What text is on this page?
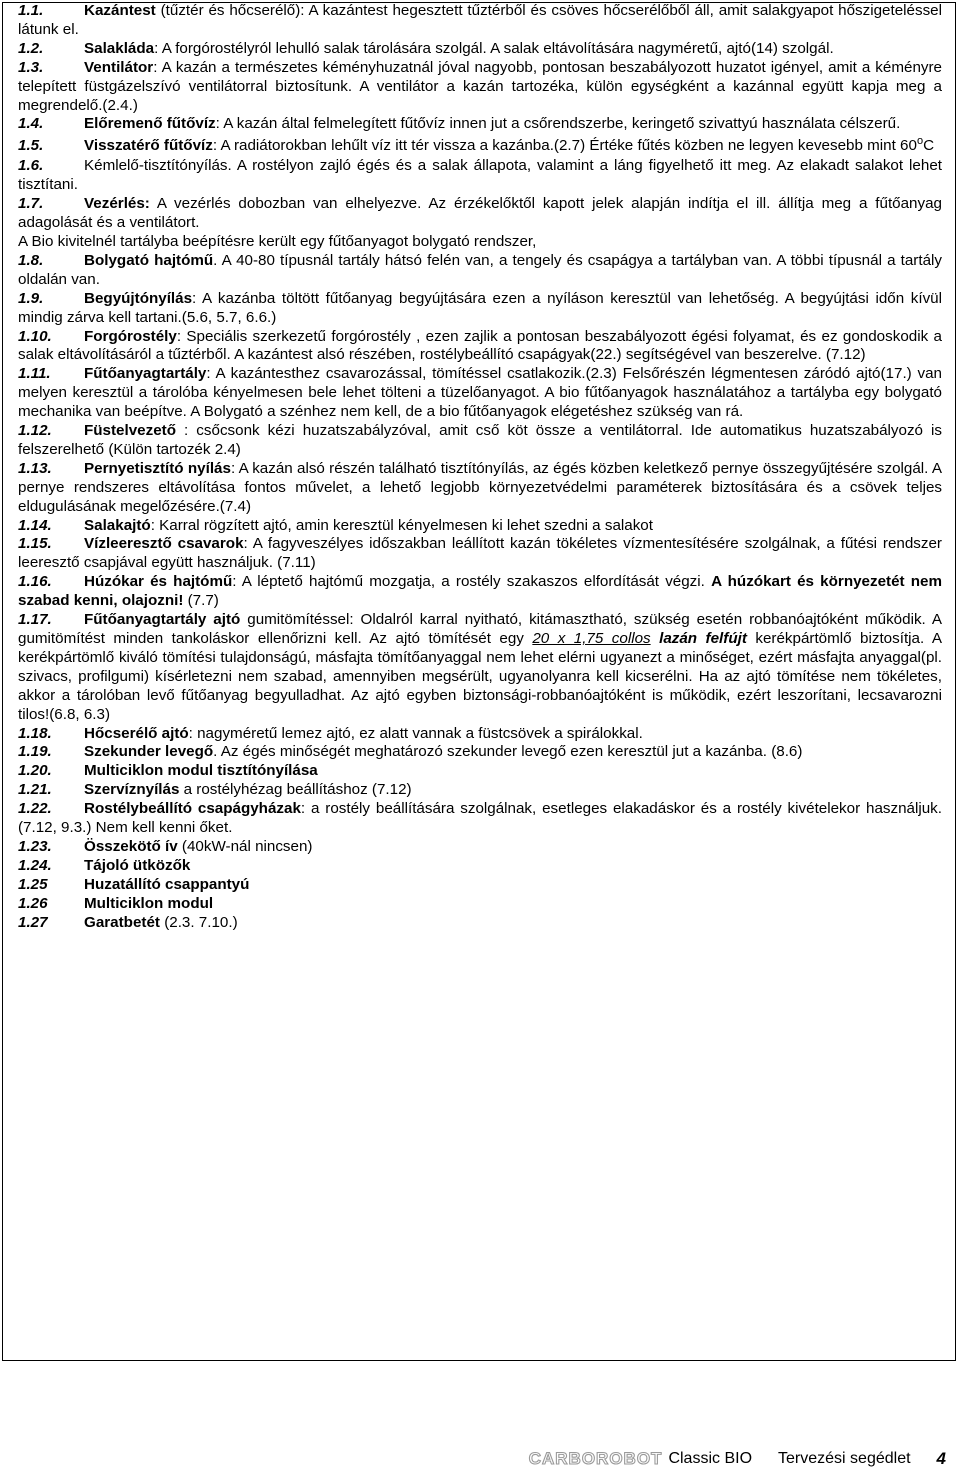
1.1.	Kazántest (tűztér és hőcserélő): A kazántest hegesztett tűztérből és csöves hőcserélőből áll, amit salakgyapot hőszigeteléssel látunk el.
1.2.	Salakláda: A forgórostélyról lehulló salak tárolására szolgál. A salak eltávolítására nagyméretű, ajtó(14) szolgál.
1.3.	Ventilátor: A kazán a természetes kéményhuzatnál jóval nagyobb, pontosan beszabályozott huzatot igényel, amit a kéményre telepített füstgázelszívó ventilátorral biztosítunk. A ventilátor a kazán tartozéka, külön egységként a kazánnal együtt kapja meg a megrendelő.(2.4.)
1.4.	Előremenő fűtővíz: A kazán által felmelegített fűtővíz innen jut a csőrendszerbe, keringető szivattyú használata célszerű.
1.5.	Visszatérő fűtővíz: A radiátorokban lehűlt víz itt tér vissza a kazánba.(2.7) Értéke fűtés közben ne legyen kevesebb mint 60$^o$C
1.6.	Kémlelő-tisztítónyílás. A rostélyon zajló égés és a salak állapota, valamint a láng figyelhető itt meg. Az elakadt salakot lehet tisztítani.
1.7.	Vezérlés: A vezérlés dobozban van elhelyezve. Az érzékelőktől kapott jelek alapján indítja el ill. állítja meg a fűtőanyag adagolását és a ventilátort.
A Bio kivitelnél tartályba beépítésre került egy fűtőanyagot bolygató rendszer,
1.8.	Bolygató hajtómű. A 40-80 típusnál tartály hátsó felén van, a tengely és csapágya a tartályban van. A többi típusnál a tartály oldalán van.
1.9.	Begyújtónyílás: A kazánba töltött fűtőanyag begyújtására ezen a nyíláson keresztül van lehetőség. A begyújtási időn kívül mindig zárva kell tartani.(5.6, 5.7, 6.6.)
1.10. Forgórostély: Speciális szerkezetű forgórostély , ezen zajlik a pontosan beszabályozott égési folyamat, és ez gondoskodik a salak eltávolításáról a tűztérből. A kazántest alsó részében, rostélybeállító csapágyak(22.) segítségével van beszerelve. (7.12)
1.11. Fűtőanyagtartály: A kazántesthez csavarozással, tömítéssel csatlakozik.(2.3) Felsőrészén légmentesen záródó ajtó(17.) van melyen keresztül a tárolóba kényelmesen bele lehet tölteni a tüzelőanyagot. A bio fűtőanyagok használatához a tartályba egy bolygató mechanika van beépítve. A Bolygató a szénhez nem kell, de a bio fűtőanyagok elégetéshez szükség van rá.
1.12. Füstelvezető : csőcsonk kézi huzatszabályzóval, amit cső köt össze a ventilátorral. Ide automatikus huzatszabályozó is felszerelhető (Külön tartozék 2.4)
1.13. Pernyetisztító nyílás: A kazán alsó részén található tisztítónyílás, az égés közben keletkező pernye összegyűjtésére szolgál. A pernye rendszeres eltávolítása fontos művelet, a lehető legjobb környezetvédelmi paraméterek biztosítására és a csövek teljes eldugulásának megelőzésére.(7.4)
1.14. Salakajtó: Karral rögzített ajtó, amin keresztül kényelmesen ki lehet szedni a salakot
1.15. Vízleeresztő csavarok: A fagyveszélyes időszakban leállított kazán tökéletes vízmentesítésére szolgálnak, a fűtési rendszer leeresztő csapjával együtt használjuk. (7.11)
1.16. Húzókar és hajtómű: A léptető hajtómű mozgatja, a rostély szakaszos elfordítását végzi. A húzókart és környezetét nem szabad kenni, olajozni! (7.7)
1.17. Fűtőanyagtartály ajtó gumitömítéssel: Oldalról karral nyitható, kitámasztható, szükség esetén robbanóajtóként működik. A gumitömítést minden tankoláskor ellenőrizni kell. Az ajtó tömítését egy 20 x 1,75 collos lazán felfújt kerékpártömlő biztosítja. A kerékpártömlő kiváló tömítési tulajdonságú, másfajta tömítőanyaggal nem lehet elérni ugyanezt a minőséget, ezért másfajta anyaggal(pl. szivacs, profilgumi) kísérletezni nem szabad, amennyiben megsérült, ugyanolyanra kell kicserélni. Ha az ajtó tömítése nem tökéletes, akkor a tárolóban levő fűtőanyag begyulladhat. Az ajtó egyben biztonsági-robbanóajtóként is működik, ezért leszorítani, lecsavarozni tilos!(6.8, 6.3)
1.18. Hőcserélő ajtó: nagyméretű lemez ajtó, ez alatt vannak a füstcsövek a spirálokkal.
1.19. Szekunder levegő. Az égés minőségét meghatározó szekunder levegő ezen keresztül jut a kazánba. (8.6)
1.20. Multiciklon modul tisztítónyílása
1.21. Szervíznyílás a rostélyhézag beállításhoz (7.12)
1.22. Rostélybeállító csapágyházak: a rostély beállítására szolgálnak, esetleges elakadáskor és a rostély kivételekor használjuk.(7.12, 9.3.) Nem kell kenni őket.
1.23. Összekötő ív (40kW-nál nincsen)
1.24. Tájoló ütközők
1.25 Huzatállító csappantyú
1.26 Multiciklon modul
1.27 Garatbetét (2.3. 7.10.)
CARBOROBOT Classic BIO Tervezési segédlet 4
